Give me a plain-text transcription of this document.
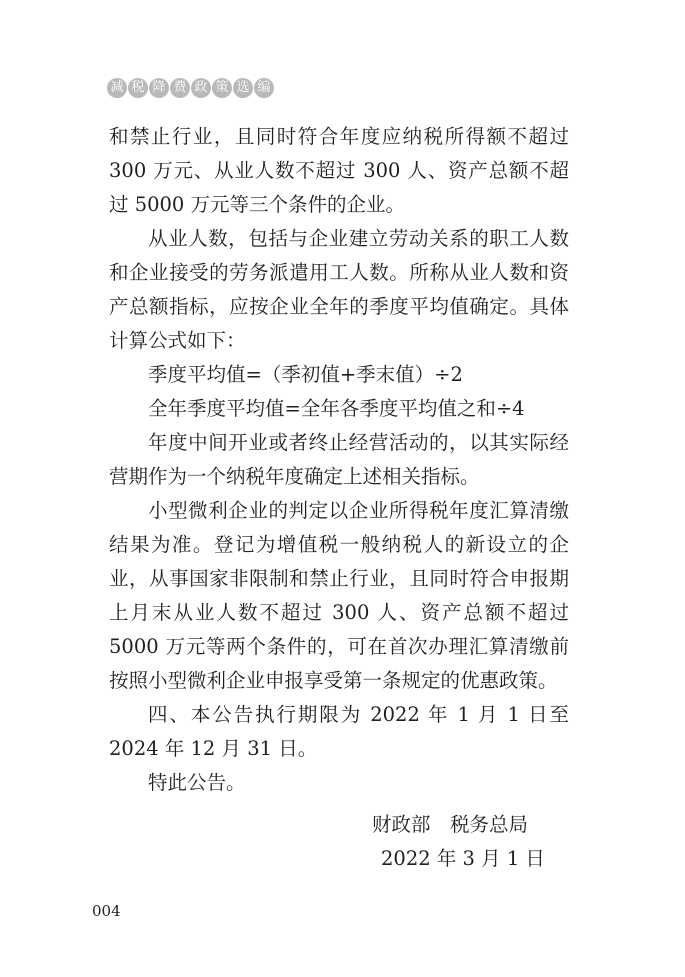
减 税 降 费 政 策 选 编

和禁止行业，且同时符合年度应纳税所得额不超过 300 万元、从业人数不超过 300 人、资产总额不超过 5000 万元等三个条件的企业。

从业人数，包括与企业建立劳动关系的职工人数和企业接受的劳务派遣用工人数。所称从业人数和资产总额指标，应按企业全年的季度平均值确定。具体计算公式如下：

季度平均值=（季初值+季末值）÷2

全年季度平均值=全年各季度平均值之和÷4

年度中间开业或者终止经营活动的，以其实际经营期作为一个纳税年度确定上述相关指标。

小型微利企业的判定以企业所得税年度汇算清缴结果为准。登记为增值税一般纳税人的新设立的企业，从事国家非限制和禁止行业，且同时符合申报期上月末从业人数不超过 300 人、资产总额不超过 5000 万元等两个条件的，可在首次办理汇算清缴前按照小型微利企业申报享受第一条规定的优惠政策。

四、本公告执行期限为 2022 年 1 月 1 日至 2024 年 12 月 31 日。

特此公告。

财政部　税务总局
2022 年 3 月 1 日
004
